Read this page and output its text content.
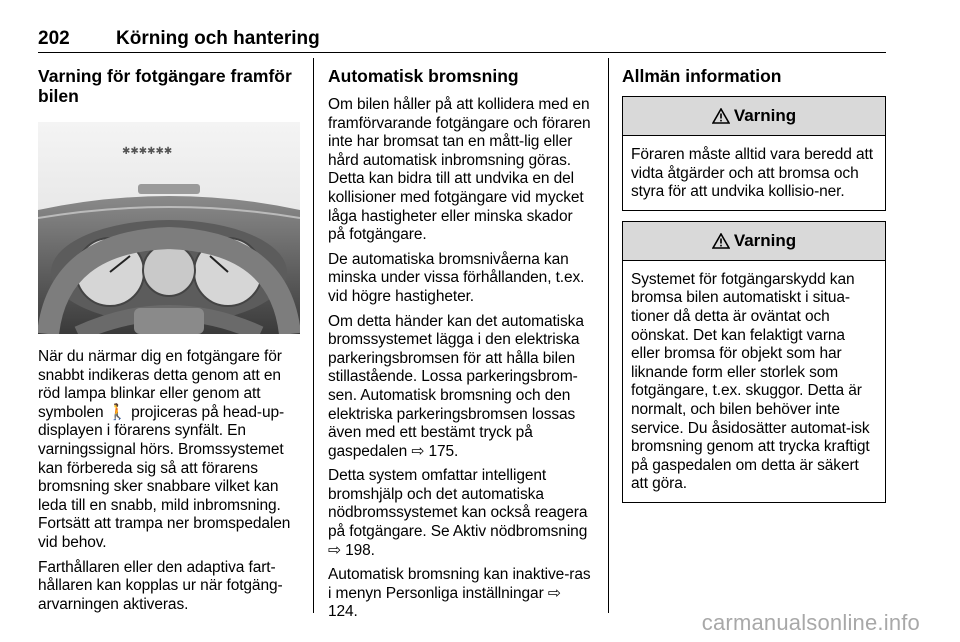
202 Körning och hantering
Varning för fotgängare framför bilen
✱✱✱✱✱✱

När du närmar dig en fotgängare för snabbt indikeras detta genom att en röd lampa blinkar eller genom att symbolen 🚶 projiceras på head-up-displayen i förarens synfält. En varningssignal hörs. Bromssystemet kan förbereda sig så att förarens bromsning sker snabbare vilket kan leda till en snabb, mild inbromsning. Fortsätt att trampa ner bromspedalen vid behov.

Farthållaren eller den adaptiva fart-hållaren kan kopplas ur när fotgäng-arvarningen aktiveras.

Automatisk bromsning

Om bilen håller på att kollidera med en framförvarande fotgängare och föraren inte har bromsat tan en mått-lig eller hård automatisk inbromsning göras. Detta kan bidra till att undvika en del kollisioner med fotgängare vid mycket låga hastigheter eller minska skador på fotgängare.

De automatiska bromsnivåerna kan minska under vissa förhållanden, t.ex. vid högre hastigheter.

Om detta händer kan det automatiska bromssystemet lägga i den elektriska parkeringsbromsen för att hålla bilen stillastående. Lossa parkeringsbrom-sen. Automatisk bromsning och den elektriska parkeringsbromsen lossas även med ett bestämt tryck på gaspedalen ⇨ 175.

Detta system omfattar intelligent bromshjälp och det automatiska nödbromssystemet kan också reagera på fotgängare. Se Aktiv nödbromsning ⇨ 198.

Automatisk bromsning kan inaktive-ras i menyn Personliga inställningar ⇨ 124.

Allmän information
Varning

Föraren måste alltid vara beredd att vidta åtgärder och att bromsa och styra för att undvika kollisio-ner.

Varning

Systemet för fotgängarskydd kan bromsa bilen automatiskt i situa-tioner då detta är oväntat och oönskat. Det kan felaktigt varna eller bromsa för objekt som har liknande form eller storlek som fotgängare, t.ex. skuggor. Detta är normalt, och bilen behöver inte service. Du åsidosätter automat-isk bromsning genom att trycka kraftigt på gaspedalen om detta är säkert att göra.

carmanualsonline.info
